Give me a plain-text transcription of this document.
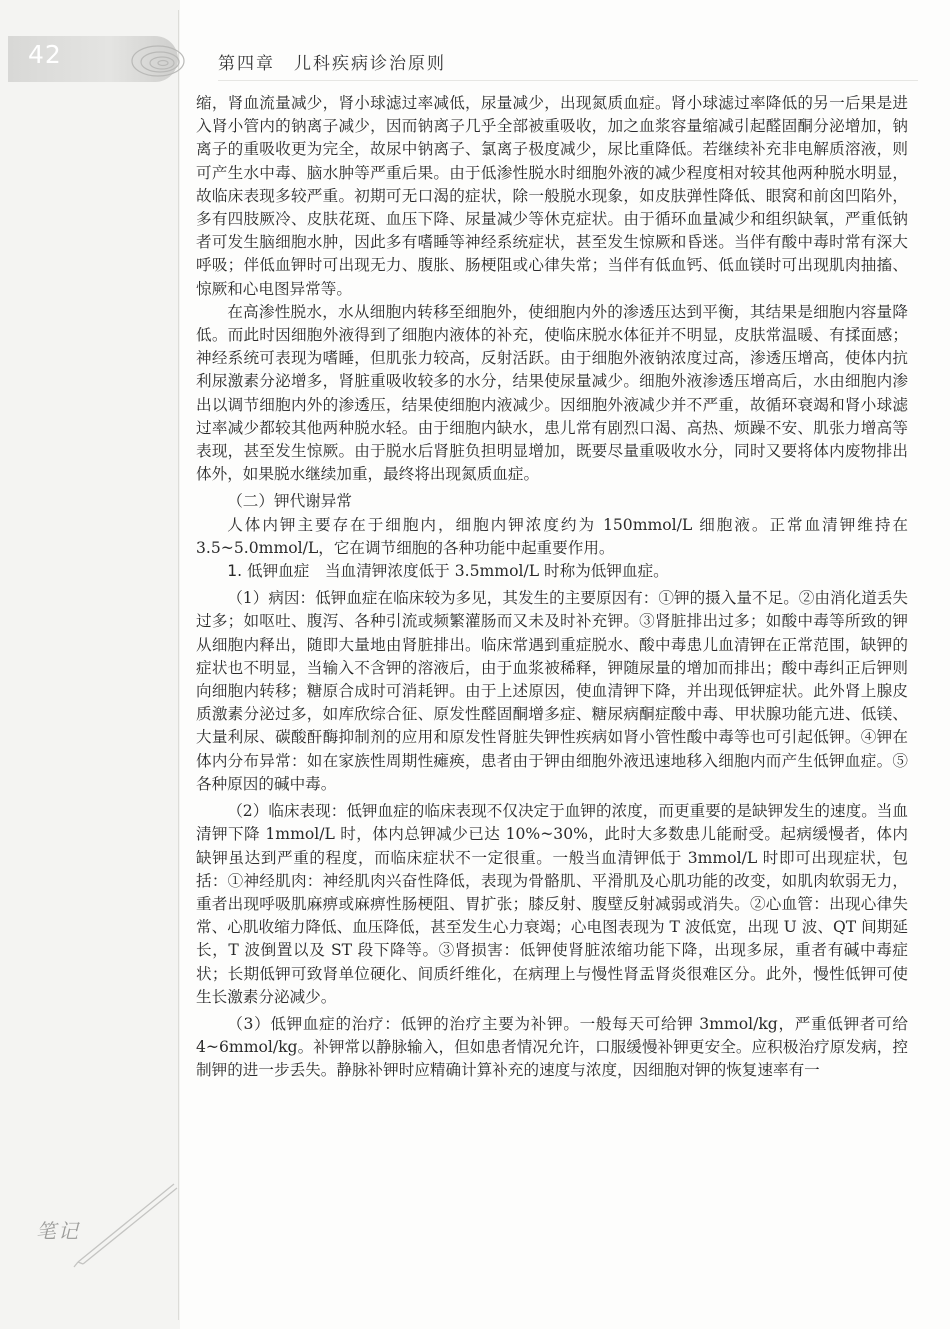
42	第四章　儿科疾病诊治原则

缩，肾血流量减少，肾小球滤过率减低，尿量减少，出现氮质血症。肾小球滤过率降低的另一后果是进入肾小管内的钠离子减少，因而钠离子几乎全部被重吸收，加之血浆容量缩减引起醛固酮分泌增加，钠离子的重吸收更为完全，故尿中钠离子、氯离子极度减少，尿比重降低。若继续补充非电解质溶液，则可产生水中毒、脑水肿等严重后果。由于低渗性脱水时细胞外液的减少程度相对较其他两种脱水明显，故临床表现多较严重。初期可无口渴的症状，除一般脱水现象，如皮肤弹性降低、眼窝和前囟凹陷外，多有四肢厥冷、皮肤花斑、血压下降、尿量减少等休克症状。由于循环血量减少和组织缺氧，严重低钠者可发生脑细胞水肿，因此多有嗜睡等神经系统症状，甚至发生惊厥和昏迷。当伴有酸中毒时常有深大呼吸；伴低血钾时可出现无力、腹胀、肠梗阻或心律失常；当伴有低血钙、低血镁时可出现肌肉抽搐、惊厥和心电图异常等。

在高渗性脱水，水从细胞内转移至细胞外，使细胞内外的渗透压达到平衡，其结果是细胞内容量降低。而此时因细胞外液得到了细胞内液体的补充，使临床脱水体征并不明显，皮肤常温暖、有揉面感；神经系统可表现为嗜睡，但肌张力较高，反射活跃。由于细胞外液钠浓度过高，渗透压增高，使体内抗利尿激素分泌增多，肾脏重吸收较多的水分，结果使尿量减少。细胞外液渗透压增高后，水由细胞内渗出以调节细胞内外的渗透压，结果使细胞内液减少。因细胞外液减少并不严重，故循环衰竭和肾小球滤过率减少都较其他两种脱水轻。由于细胞内缺水，患儿常有剧烈口渴、高热、烦躁不安、肌张力增高等表现，甚至发生惊厥。由于脱水后肾脏负担明显增加，既要尽量重吸收水分，同时又要将体内废物排出体外，如果脱水继续加重，最终将出现氮质血症。

（二）钾代谢异常

人体内钾主要存在于细胞内，细胞内钾浓度约为 150mmol/L 细胞液。正常血清钾维持在 3.5~5.0mmol/L，它在调节细胞的各种功能中起重要作用。

1. 低钾血症　当血清钾浓度低于 3.5mmol/L 时称为低钾血症。

（1）病因：低钾血症在临床较为多见，其发生的主要原因有：①钾的摄入量不足。②由消化道丢失过多；如呕吐、腹泻、各种引流或频繁灌肠而又未及时补充钾。③肾脏排出过多；如酸中毒等所致的钾从细胞内释出，随即大量地由肾脏排出。临床常遇到重症脱水、酸中毒患儿血清钾在正常范围，缺钾的症状也不明显，当输入不含钾的溶液后，由于血浆被稀释，钾随尿量的增加而排出；酸中毒纠正后钾则向细胞内转移；糖原合成时可消耗钾。由于上述原因，使血清钾下降，并出现低钾症状。此外肾上腺皮质激素分泌过多，如库欣综合征、原发性醛固酮增多症、糖尿病酮症酸中毒、甲状腺功能亢进、低镁、大量利尿、碳酸酐酶抑制剂的应用和原发性肾脏失钾性疾病如肾小管性酸中毒等也可引起低钾。④钾在体内分布异常：如在家族性周期性瘫痪，患者由于钾由细胞外液迅速地移入细胞内而产生低钾血症。⑤各种原因的碱中毒。

（2）临床表现：低钾血症的临床表现不仅决定于血钾的浓度，而更重要的是缺钾发生的速度。当血清钾下降 1mmol/L 时，体内总钾减少已达 10%~30%，此时大多数患儿能耐受。起病缓慢者，体内缺钾虽达到严重的程度，而临床症状不一定很重。一般当血清钾低于 3mmol/L 时即可出现症状，包括：①神经肌肉：神经肌肉兴奋性降低，表现为骨骼肌、平滑肌及心肌功能的改变，如肌肉软弱无力，重者出现呼吸肌麻痹或麻痹性肠梗阻、胃扩张；膝反射、腹壁反射减弱或消失。②心血管：出现心律失常、心肌收缩力降低、血压降低，甚至发生心力衰竭；心电图表现为 T 波低宽，出现 U 波、QT 间期延长，T 波倒置以及 ST 段下降等。③肾损害：低钾使肾脏浓缩功能下降，出现多尿，重者有碱中毒症状；长期低钾可致肾单位硬化、间质纤维化，在病理上与慢性肾盂肾炎很难区分。此外，慢性低钾可使生长激素分泌减少。

（3）低钾血症的治疗：低钾的治疗主要为补钾。一般每天可给钾 3mmol/kg，严重低钾者可给 4~6mmol/kg。补钾常以静脉输入，但如患者情况允许，口服缓慢补钾更安全。应积极治疗原发病，控制钾的进一步丢失。静脉补钾时应精确计算补充的速度与浓度，因细胞对钾的恢复速率有一

笔记
